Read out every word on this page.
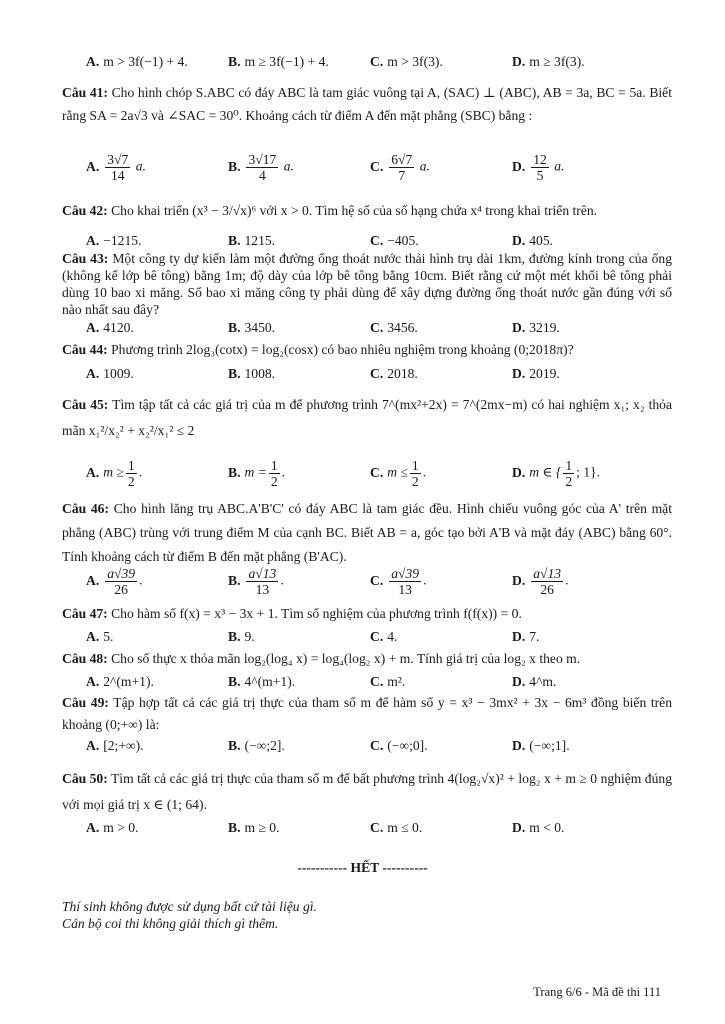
A. m > 3f(−1) + 4.	B. m ≥ 3f(−1) + 4.	C. m > 3f(3).	D. m ≥ 3f(3).
Câu 41: Cho hình chóp S.ABC có đáy ABC là tam giác vuông tại A, (SAC) ⊥ (ABC), AB = 3a, BC = 5a. Biết rằng SA = 2a√3 và ∠SAC = 30⁰. Khoảng cách từ điểm A đến mặt phẳng (SBC) bằng :
A. $\frac{3√7}{14} a$.	B. $\frac{3√17}{4} a$.	C. $\frac{6√7}{7} a$.	D. $\frac{12}{5} a$.
Câu 42: Cho khai triển (x³ − 3/√x)⁶ với x > 0. Tìm hệ số của số hạng chứa x⁴ trong khai triển trên.
A. −1215.	B. 1215.	C. −405.	D. 405.
Câu 43: Một công ty dự kiến làm một đường ống thoát nước thải hình trụ dài 1km, đường kính trong của ống (không kể lớp bê tông) bằng 1m; độ dày của lớp bê tông bằng 10cm. Biết rằng cứ một mét khối bê tông phải dùng 10 bao xi măng. Số bao xi măng công ty phải dùng để xây dựng đường ống thoát nước gần đúng với số nào nhất sau đây?
A. 4120.	B. 3450.	C. 3456.	D. 3219.
Câu 44: Phương trình 2log₃(cotx) = log₂(cosx) có bao nhiêu nghiệm trong khoảng (0;2018π)?
A. 1009.	B. 1008.	C. 2018.	D. 2019.
Câu 45: Tìm tập tất cả các giá trị của m để phương trình 7^(mx²+2x) = 7^(2mx−m) có hai nghiệm x₁; x₂ thỏa mãn x₁²/x₂² + x₂²/x₁² ≤ 2
A. $m \ge \frac{1}{2}$ .	B. $m = \frac{1}{2}$ .	C. $m \le \frac{1}{2}$ .	D. m ∈ { $\frac{1}{2}$ ; 1}.
Câu 46: Cho hình lăng trụ ABC.A'B'C' có đáy ABC là tam giác đều. Hình chiếu vuông góc của A' trên mặt phẳng (ABC) trùng với trung điểm M của cạnh BC. Biết AB = a, góc tạo bởi A'B và mặt đáy (ABC) bằng 60°. Tính khoảng cách từ điểm B đến mặt phẳng (B'AC).
A. $\frac{a√39}{26}$ .	B. $\frac{a√13}{13}$ .	C. $\frac{a√39}{13}$ .	D. $\frac{a√13}{26}$ .
Câu 47: Cho hàm số f(x) = x³ − 3x + 1. Tìm số nghiệm của phương trình f(f(x)) = 0.
A. 5.	B. 9.	C. 4.	D. 7.
Câu 48: Cho số thực x thỏa mãn log₂(log₄ x) = log₄(log₂ x) + m. Tính giá trị của log₂ x theo m.
A. 2^(m+1).	B. 4^(m+1).	C. m².	D. 4^m.
Câu 49: Tập hợp tất cả các giá trị thực của tham số m để hàm số y = x³ − 3mx² + 3x − 6m³ đồng biến trên khoảng (0;+∞) là:
A. [2;+∞).	B. (−∞;2].	C. (−∞;0].	D. (−∞;1].
Câu 50: Tìm tất cả các giá trị thực của tham số m để bất phương trình 4(log₂√x)² + log₂ x + m ≥ 0 nghiệm đúng với mọi giá trị x ∈ (1; 64).
A. m > 0.	B. m ≥ 0.	C. m ≤ 0.	D. m < 0.
----------- HẾT ----------
Thí sinh không được sử dụng bất cứ tài liệu gì.
Cán bộ coi thi không giải thích gì thêm.
Trang 6/6 - Mã đề thi 111
